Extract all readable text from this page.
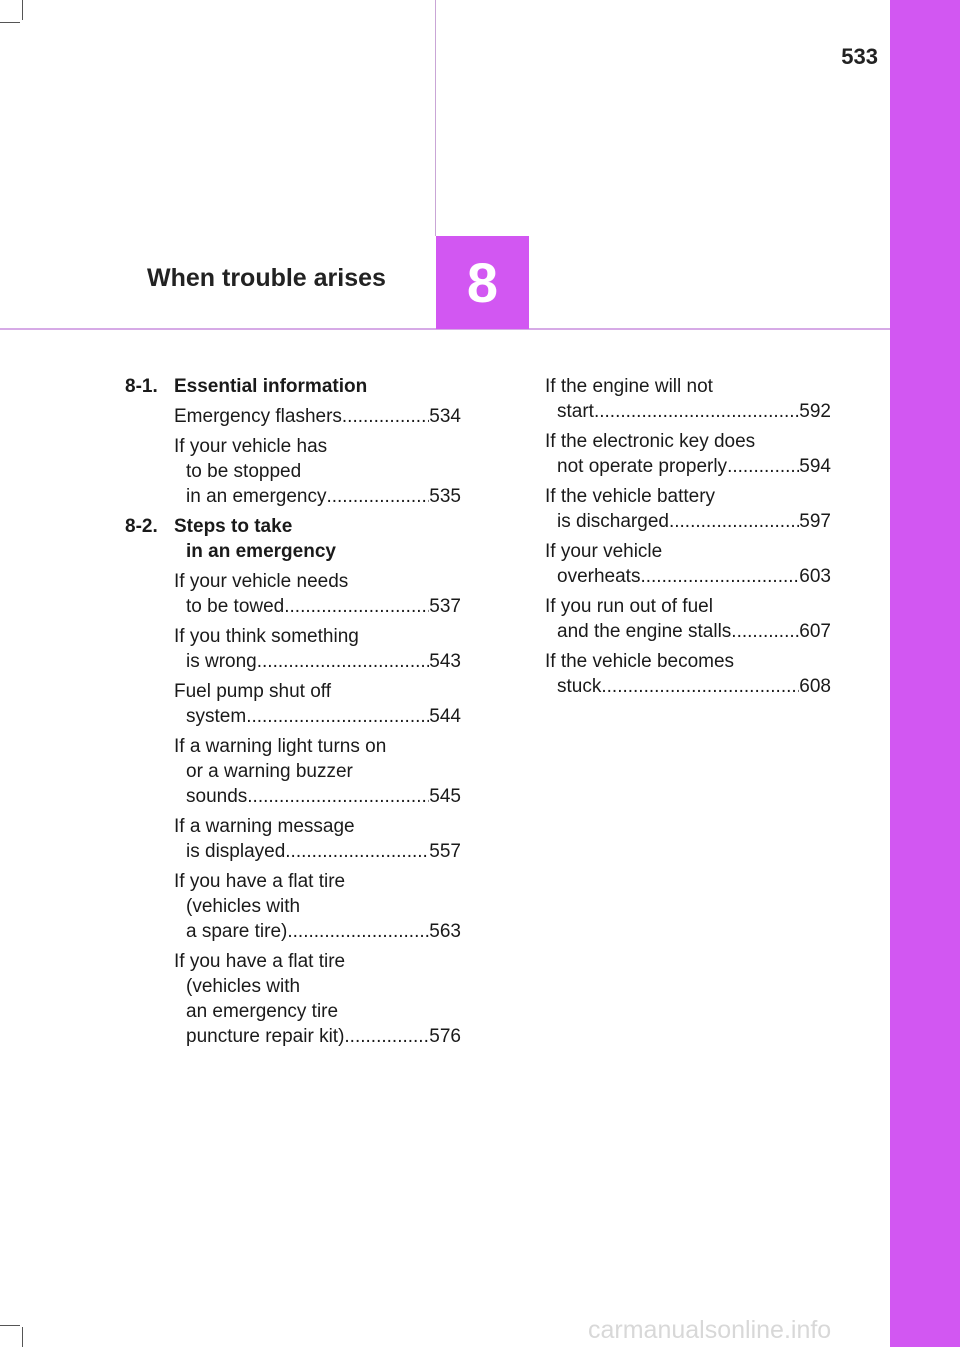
533
When trouble arises 8
8-1. Essential information
Emergency flashers .....	534
If your vehicle has
to be stopped
in an emergency .....	535
8-2. Steps to take
in an emergency
If your vehicle needs
to be towed .....	537
If you think something
is wrong .....	543
Fuel pump shut off
system .....	544
If a warning light turns on
or a warning buzzer
sounds .....	545
If a warning message
is displayed .....	557
If you have a flat tire
(vehicles with
a spare tire) .....	563
If you have a flat tire
(vehicles with
an emergency tire
puncture repair kit) .....	576
If the engine will not
start .....	592
If the electronic key does
not operate properly .....	594
If the vehicle battery
is discharged .....	597
If your vehicle
overheats .....	603
If you run out of fuel
and the engine stalls .....	607
If the vehicle becomes
stuck .....	608
carmanualsonline.info
